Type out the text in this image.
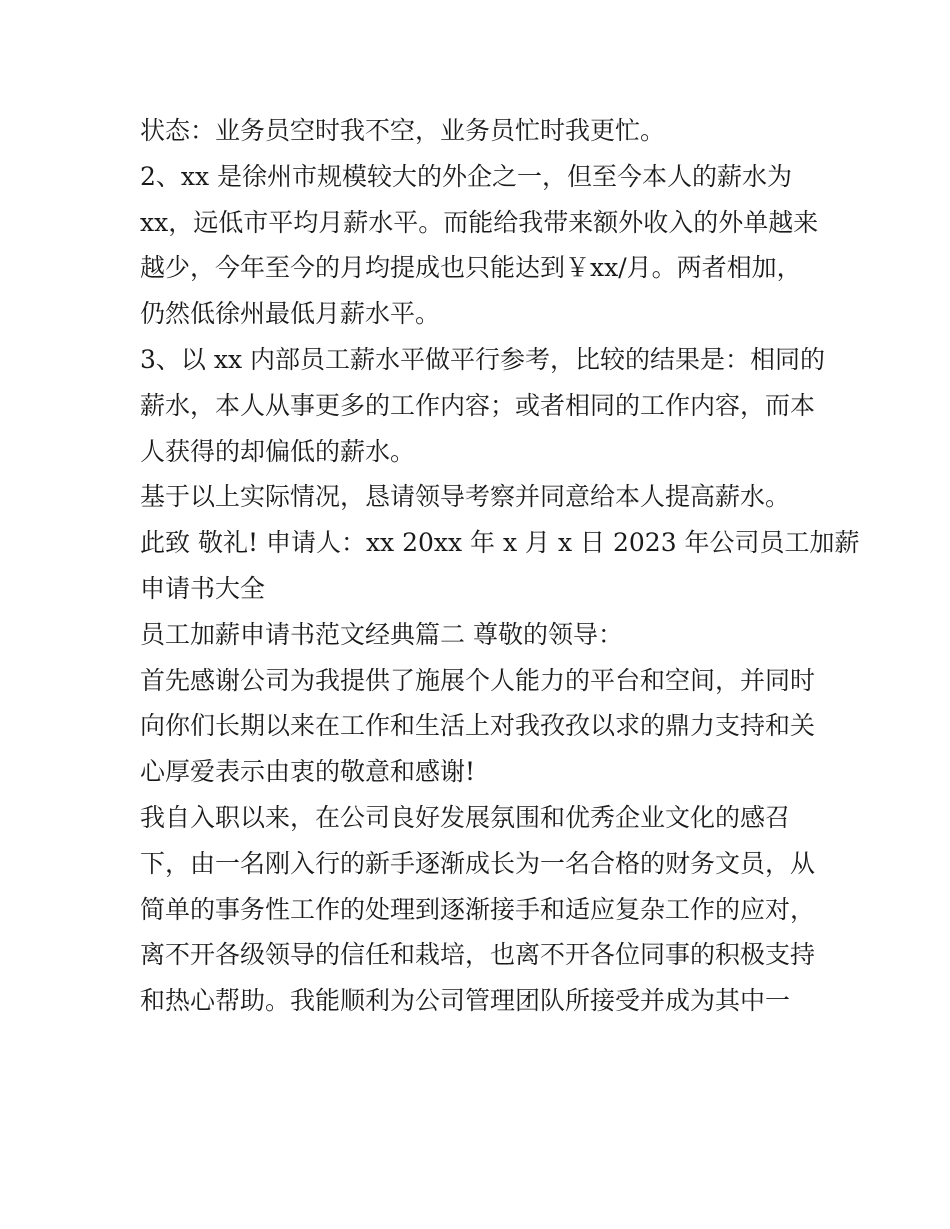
状态：业务员空时我不空，业务员忙时我更忙。
2、xx 是徐州市规模较大的外企之一，但至今本人的薪水为
xx，远低市平均月薪水平。而能给我带来额外收入的外单越来
越少，今年至今的月均提成也只能达到￥xx/月。两者相加，
仍然低徐州最低月薪水平。
3、以 xx 内部员工薪水平做平行参考，比较的结果是：相同的
薪水，本人从事更多的工作内容；或者相同的工作内容，而本
人获得的却偏低的薪水。
基于以上实际情况，恳请领导考察并同意给本人提高薪水。
此致 敬礼! 申请人：xx 20xx 年 x 月 x 日 2023 年公司员工加薪
申请书大全
员工加薪申请书范文经典篇二 尊敬的领导：
首先感谢公司为我提供了施展个人能力的平台和空间，并同时
向你们长期以来在工作和生活上对我孜孜以求的鼎力支持和关
心厚爱表示由衷的敬意和感谢!
我自入职以来，在公司良好发展氛围和优秀企业文化的感召
下，由一名刚入行的新手逐渐成长为一名合格的财务文员，从
简单的事务性工作的处理到逐渐接手和适应复杂工作的应对，
离不开各级领导的信任和栽培，也离不开各位同事的积极支持
和热心帮助。我能顺利为公司管理团队所接受并成为其中一
